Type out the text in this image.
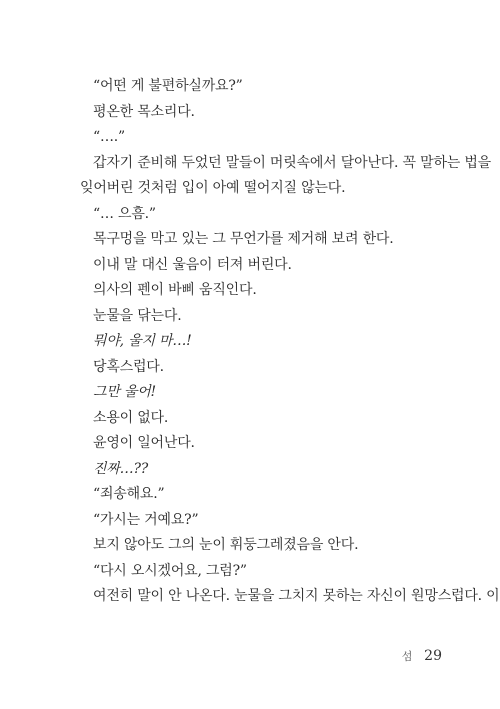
“어떤 게 불편하실까요?”
평온한 목소리다.
“….”
갑자기 준비해 두었던 말들이 머릿속에서 달아난다. 꼭 말하는 법을
잊어버린 것처럼 입이 아예 떨어지질 않는다.
“… 으흠.”
목구멍을 막고 있는 그 무언가를 제거해 보려 한다.
이내 말 대신 울음이 터져 버린다.
의사의 펜이 바삐 움직인다.
눈물을 닦는다.
뭐야, 울지 마…!
당혹스럽다.
그만 울어!
소용이 없다.
윤영이 일어난다.
진짜…??
“죄송해요.”
“가시는 거예요?”
보지 않아도 그의 눈이 휘둥그레졌음을 안다.
“다시 오시겠어요, 그럼?”
여전히 말이 안 나온다. 눈물을 그치지 못하는 자신이 원망스럽다. 이
섬 29
